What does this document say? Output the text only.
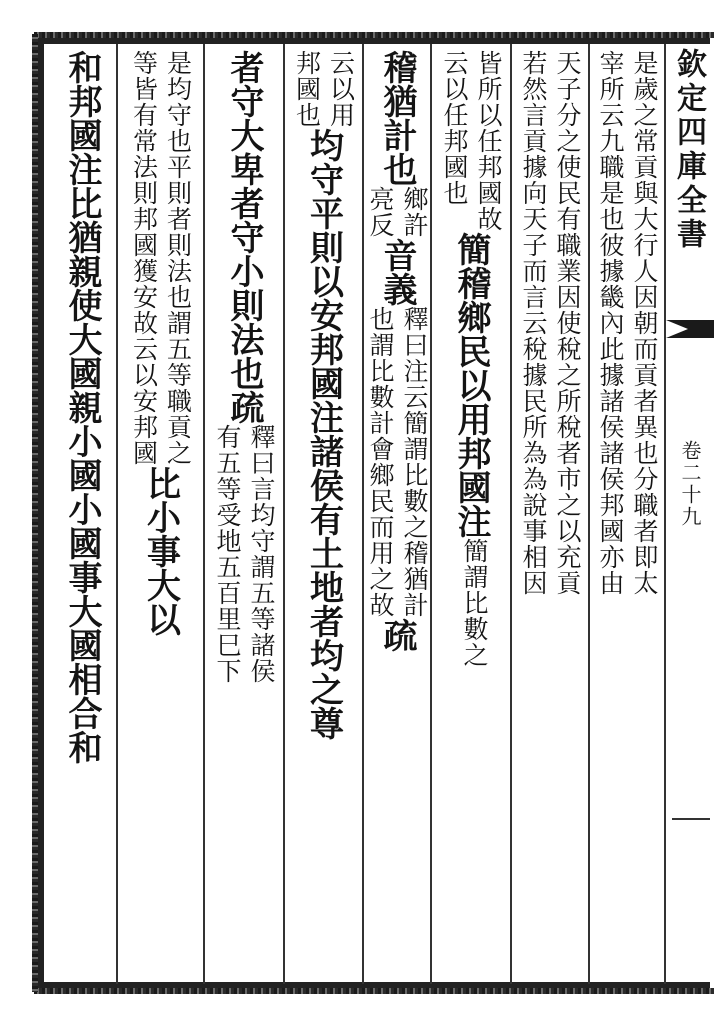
欽定四庫全書
卷二十九
是歲之常貢與大行人因朝而貢者異也分職者即太
宰所云九職是也彼據畿內此據諸侯諸侯邦國亦由
天子分之使民有職業因使稅之所稅者市之以充貢
若然言貢據向天子而言云稅據民所為為說事相因
皆所以任邦國故
云以任邦國也
簡稽鄉民以用邦國
注
簡謂比數之
稽猶計也
鄉許
亮反
音義
釋曰注云簡謂比數之稽猶計
也謂比數計會鄉民而用之故
疏
云以用
邦國也
均守平則以安邦國
注
諸侯有土地者均之尊
者守大卑者守小則法也
疏
釋曰言均守謂五等諸侯
有五等受地五百里巳下
是均守也平則者則法也謂五等職貢之
等皆有常法則邦國獲安故云以安邦國
比小事大以
和邦國
注
比猶親使大國親小國小國事大國相合和
